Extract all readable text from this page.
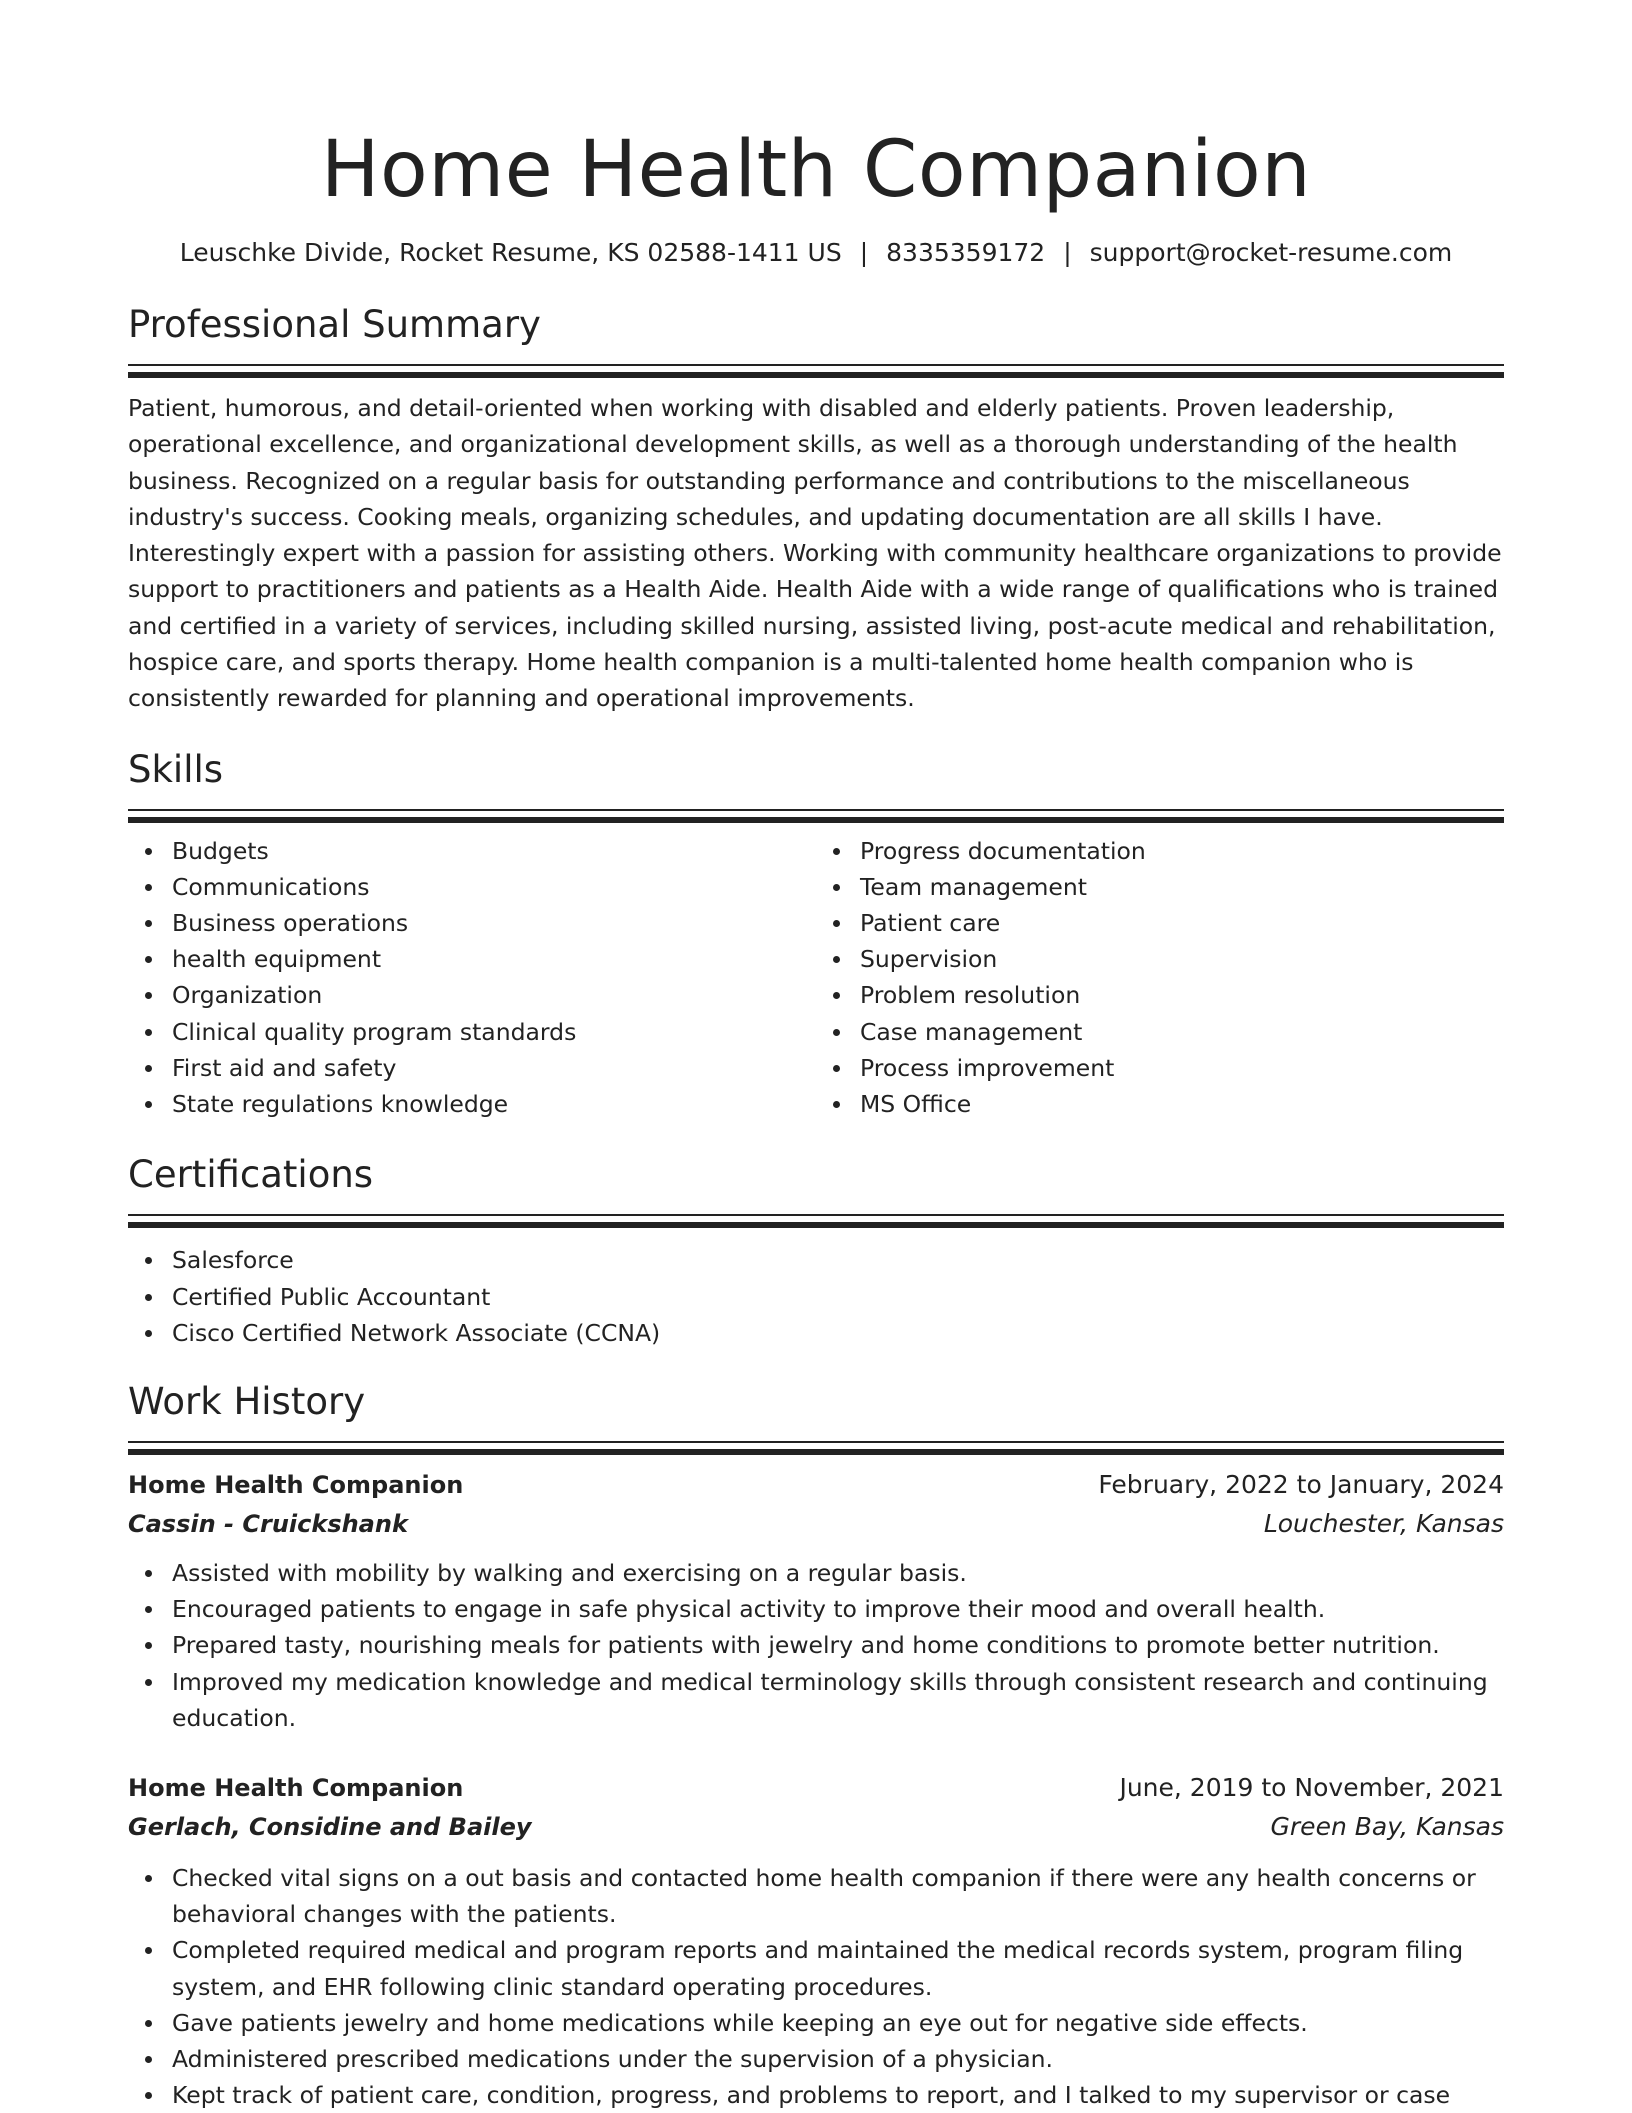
Home Health Companion
Leuschke Divide, Rocket Resume, KS 02588-1411 US | 8335359172 | support@rocket-resume.com
Professional Summary
Patient, humorous, and detail-oriented when working with disabled and elderly patients. Proven leadership, operational excellence, and organizational development skills, as well as a thorough understanding of the health business. Recognized on a regular basis for outstanding performance and contributions to the miscellaneous industry's success. Cooking meals, organizing schedules, and updating documentation are all skills I have. Interestingly expert with a passion for assisting others. Working with community healthcare organizations to provide support to practitioners and patients as a Health Aide. Health Aide with a wide range of qualifications who is trained and certified in a variety of services, including skilled nursing, assisted living, post-acute medical and rehabilitation, hospice care, and sports therapy. Home health companion is a multi-talented home health companion who is consistently rewarded for planning and operational improvements.
Skills
Budgets
Communications
Business operations
health equipment
Organization
Clinical quality program standards
First aid and safety
State regulations knowledge
Progress documentation
Team management
Patient care
Supervision
Problem resolution
Case management
Process improvement
MS Office
Certifications
Salesforce
Certified Public Accountant
Cisco Certified Network Associate (CCNA)
Work History
Home Health Companion	February, 2022 to January, 2024
Cassin - Cruickshank	Louchester, Kansas
Assisted with mobility by walking and exercising on a regular basis.
Encouraged patients to engage in safe physical activity to improve their mood and overall health.
Prepared tasty, nourishing meals for patients with jewelry and home conditions to promote better nutrition.
Improved my medication knowledge and medical terminology skills through consistent research and continuing education.
Home Health Companion	June, 2019 to November, 2021
Gerlach, Considine and Bailey	Green Bay, Kansas
Checked vital signs on a out basis and contacted home health companion if there were any health concerns or behavioral changes with the patients.
Completed required medical and program reports and maintained the medical records system, program filing system, and EHR following clinic standard operating procedures.
Gave patients jewelry and home medications while keeping an eye out for negative side effects.
Administered prescribed medications under the supervision of a physician.
Kept track of patient care, condition, progress, and problems to report, and I talked to my supervisor or case
